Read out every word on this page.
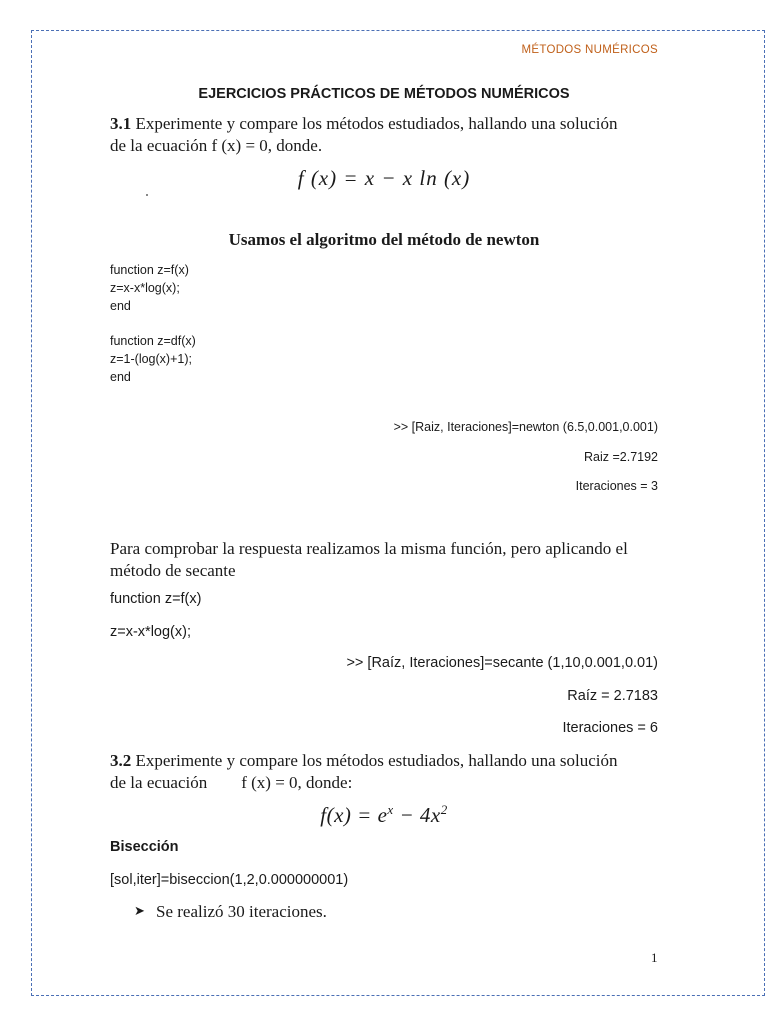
MÉTODOS NUMÉRICOS
EJERCICIOS PRÁCTICOS DE MÉTODOS NUMÉRICOS
3.1 Experimente y compare los métodos estudiados, hallando una solución
de la ecuación f (x) = 0, donde.
f (x) = x − x ln (x)
Usamos el algoritmo del método de newton
function z=f(x)
z=x-x*log(x);
end
function z=df(x)
z=1-(log(x)+1);
end
>> [Raiz, Iteraciones]=newton (6.5,0.001,0.001)
Raiz =2.7192
Iteraciones = 3
Para comprobar la respuesta realizamos la misma función, pero aplicando el
método de secante
function z=f(x)
z=x-x*log(x);
>> [Raíz, Iteraciones]=secante (1,10,0.001,0.01)
Raíz = 2.7183
Iteraciones = 6
3.2 Experimente y compare los métodos estudiados, hallando una solución
de la ecuación        f (x) = 0, donde:
$f(x) = e^x - 4x^2$
Bisección
[sol,iter]=biseccion(1,2,0.000000001)
➤ Se realizó 30 iteraciones.
1
